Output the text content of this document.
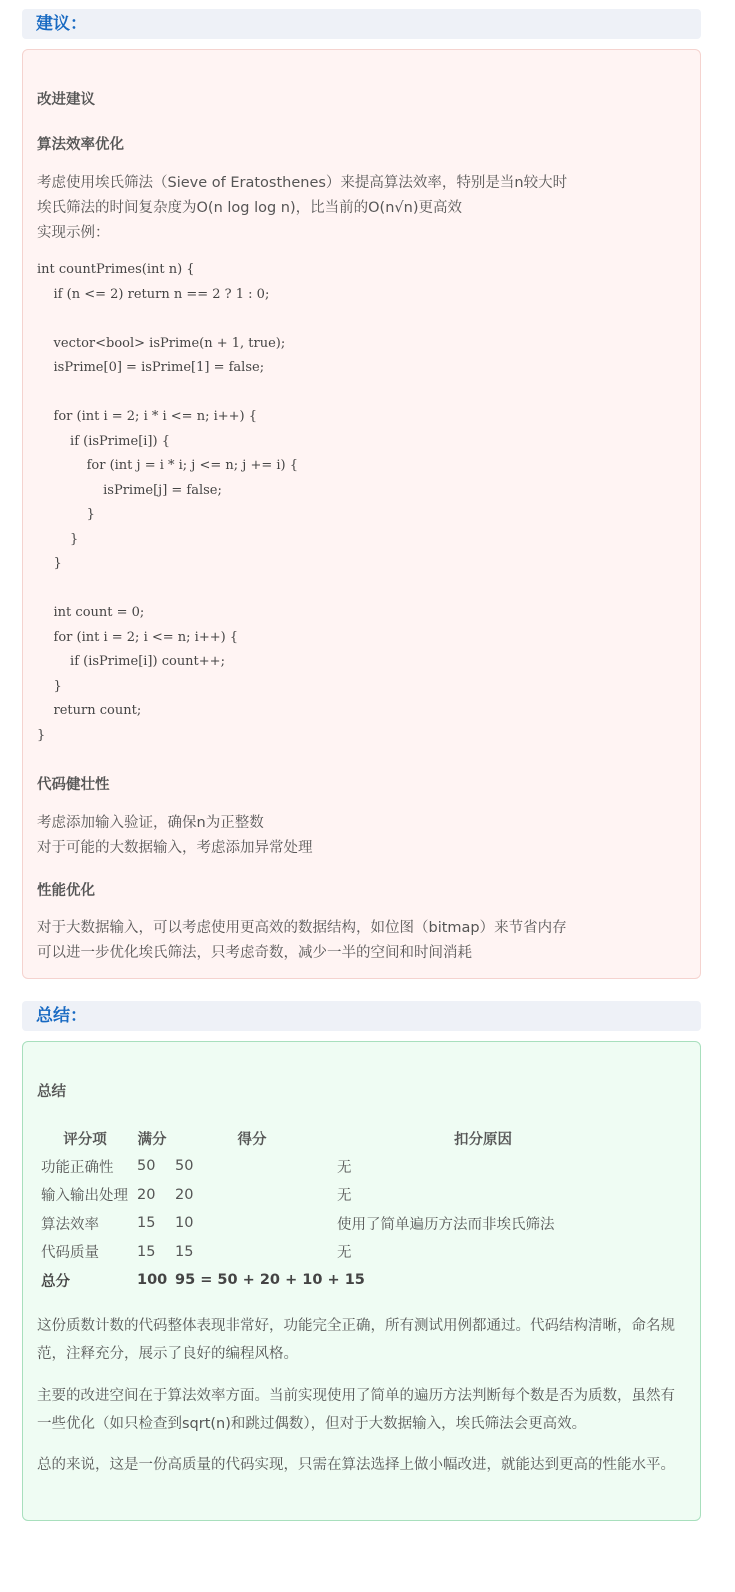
建议：
改进建议
算法效率优化
考虑使用埃氏筛法（Sieve of Eratosthenes）来提高算法效率，特别是当n较大时
埃氏筛法的时间复杂度为O(n log log n)，比当前的O(n√n)更高效
实现示例：
int countPrimes(int n) {
if (n <= 2) return n == 2 ? 1 : 0;

vector<bool> isPrime(n + 1, true);
isPrime[0] = isPrime[1] = false;

for (int i = 2; i * i <= n; i++) {
if (isPrime[i]) {
for (int j = i * i; j <= n; j += i) {
isPrime[j] = false;
}
}
}

int count = 0;
for (int i = 2; i <= n; i++) {
if (isPrime[i]) count++;
}
return count;
}
代码健壮性
考虑添加输入验证，确保n为正整数
对于可能的大数据输入，考虑添加异常处理
性能优化
对于大数据输入，可以考虑使用更高效的数据结构，如位图（bitmap）来节省内存
可以进一步优化埃氏筛法，只考虑奇数，减少一半的空间和时间消耗
总结：
总结
评分项	满分	得分	扣分原因
功能正确性	50	50	无
输入输出处理	20	20	无
算法效率	15	10	使用了简单遍历方法而非埃氏筛法
代码质量	15	15	无
总分	100	95 = 50 + 20 + 10 + 15	

这份质数计数的代码整体表现非常好，功能完全正确，所有测试用例都通过。代码结构清晰，命名规范，注释充分，展示了良好的编程风格。

主要的改进空间在于算法效率方面。当前实现使用了简单的遍历方法判断每个数是否为质数，虽然有一些优化（如只检查到sqrt(n)和跳过偶数），但对于大数据输入，埃氏筛法会更高效。

总的来说，这是一份高质量的代码实现，只需在算法选择上做小幅改进，就能达到更高的性能水平。
